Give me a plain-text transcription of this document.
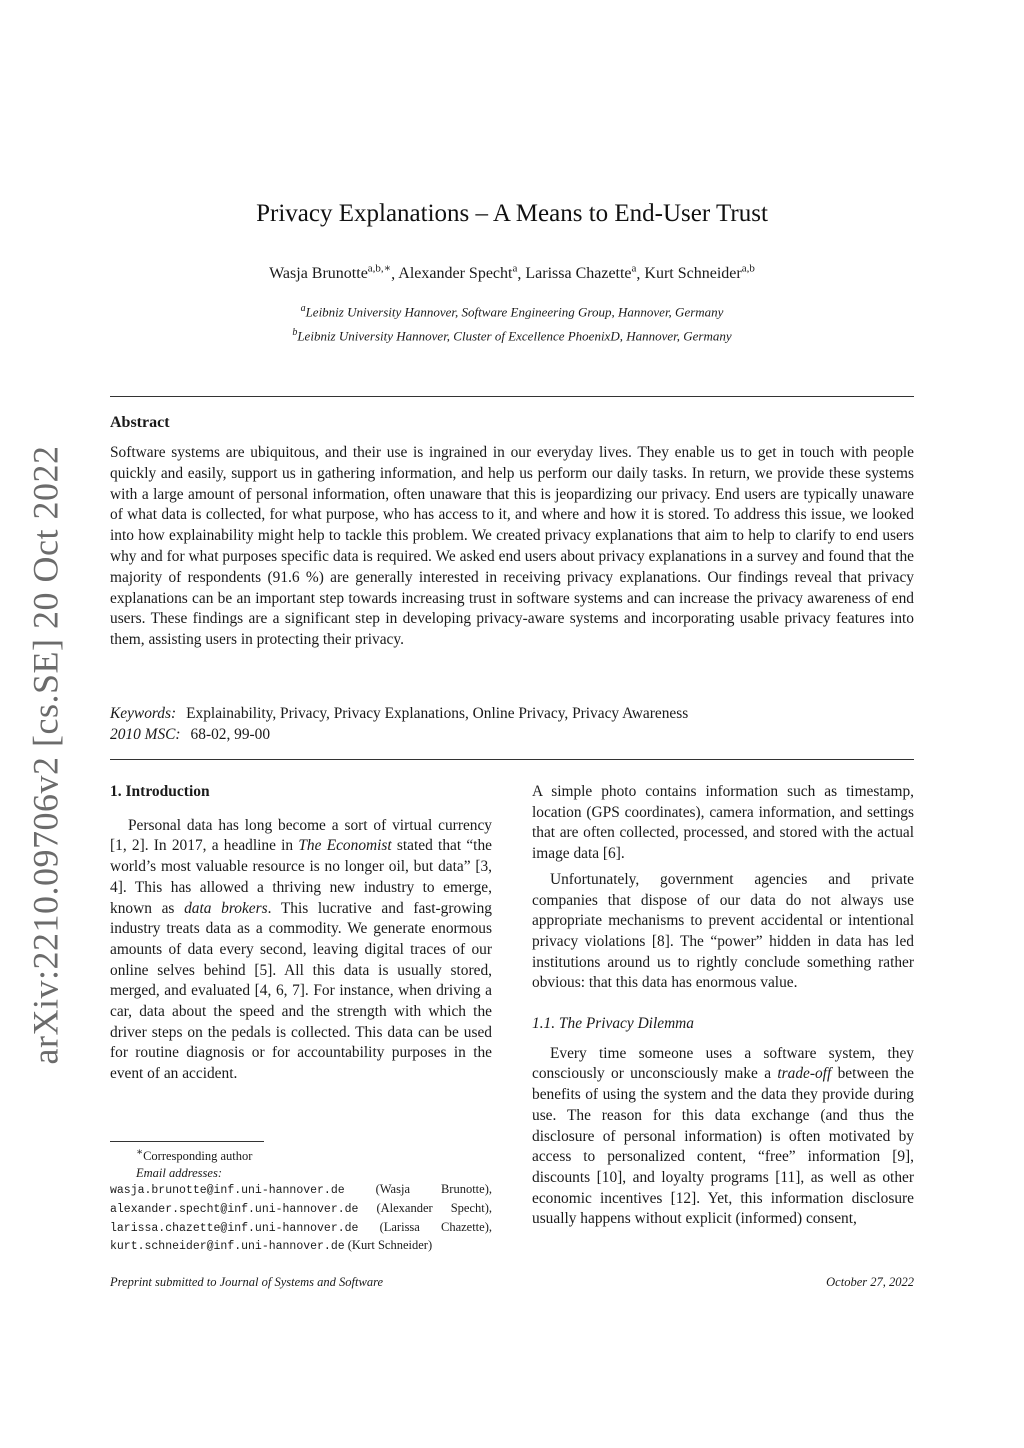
arXiv:2210.09706v2 [cs.SE] 20 Oct 2022
Privacy Explanations – A Means to End-User Trust
Wasja Brunotte$^{a,b,∗}$, Alexander Specht$^a$, Larissa Chazette$^a$, Kurt Schneider$^{a,b}$
$^a$Leibniz University Hannover, Software Engineering Group, Hannover, Germany
$^b$Leibniz University Hannover, Cluster of Excellence PhoenixD, Hannover, Germany
Abstract
Software systems are ubiquitous, and their use is ingrained in our everyday lives. They enable us to get in touch with people quickly and easily, support us in gathering information, and help us perform our daily tasks. In return, we provide these systems with a large amount of personal information, often unaware that this is jeopardizing our privacy. End users are typically unaware of what data is collected, for what purpose, who has access to it, and where and how it is stored. To address this issue, we looked into how explainability might help to tackle this problem. We created privacy explanations that aim to help to clarify to end users why and for what purposes specific data is required. We asked end users about privacy explanations in a survey and found that the majority of respondents (91.6 %) are generally interested in receiving privacy explanations. Our findings reveal that privacy explanations can be an important step towards increasing trust in software systems and can increase the privacy awareness of end users. These findings are a significant step in developing privacy-aware systems and incorporating usable privacy features into them, assisting users in protecting their privacy.
Keywords: Explainability, Privacy, Privacy Explanations, Online Privacy, Privacy Awareness
2010 MSC: 68-02, 99-00
1. Introduction

Personal data has long become a sort of virtual currency [1, 2]. In 2017, a headline in The Economist stated that “the world’s most valuable resource is no longer oil, but data” [3, 4]. This has allowed a thriving new industry to emerge, known as data brokers. This lucrative and fast-growing industry treats data as a commodity. We generate enormous amounts of data every second, leaving digital traces of our online selves behind [5]. All this data is usually stored, merged, and evaluated [4, 6, 7]. For instance, when driving a car, data about the speed and the strength with which the driver steps on the pedals is collected. This data can be used for routine diagnosis or for accountability purposes in the event of an accident.

A simple photo contains information such as timestamp, location (GPS coordinates), camera information, and settings that are often collected, processed, and stored with the actual image data [6].

Unfortunately, government agencies and private companies that dispose of our data do not always use appropriate mechanisms to prevent accidental or intentional privacy violations [8]. The “power” hidden in data has led institutions around us to rightly conclude something rather obvious: that this data has enormous value.

1.1. The Privacy Dilemma

Every time someone uses a software system, they consciously or unconsciously make a trade-off between the benefits of using the system and the data they provide during use. The reason for this data exchange (and thus the disclosure of personal information) is often motivated by access to personalized content, “free” information [9], discounts [10], and loyalty programs [11], as well as other economic incentives [12]. Yet, this information disclosure usually happens without explicit (informed) consent,

∗Corresponding author
Email addresses:
wasja.brunotte@inf.uni-hannover.de (Wasja Brunotte), alexander.specht@inf.uni-hannover.de (Alexander Specht), larissa.chazette@inf.uni-hannover.de (Larissa Chazette), kurt.schneider@inf.uni-hannover.de (Kurt Schneider)
Preprint submitted to Journal of Systems and Software	October 27, 2022
